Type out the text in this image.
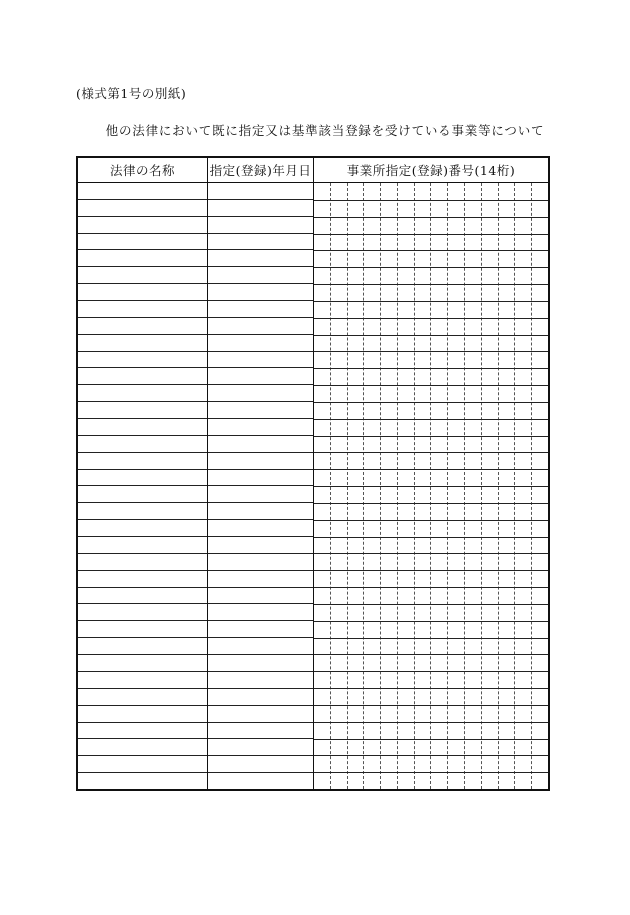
(様式第1号の別紙)

他の法律において既に指定又は基準該当登録を受けている事業等について

法律の名称	指定(登録)年月日	事業所指定(登録)番号(14桁)
